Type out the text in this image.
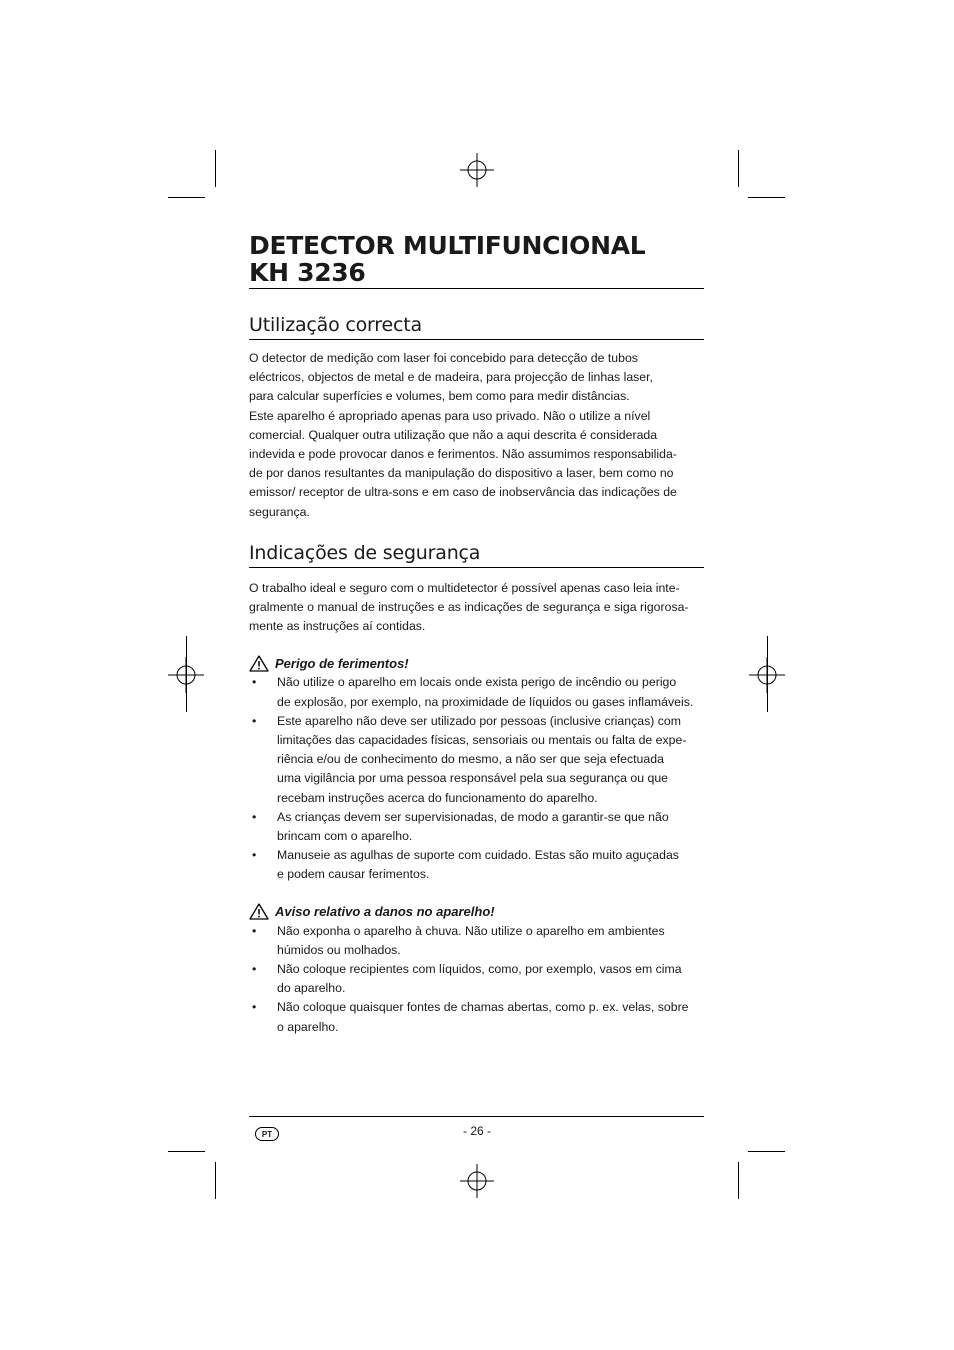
DETECTOR MULTIFUNCIONAL
KH 3236
Utilização correcta

O detector de medição com laser foi concebido para detecção de tubos
eléctricos, objectos de metal e de madeira, para projecção de linhas laser,
para calcular superfícies e volumes, bem como para medir distâncias.
Este aparelho é apropriado apenas para uso privado. Não o utilize a nível
comercial. Qualquer outra utilização que não a aqui descrita é considerada
indevida e pode provocar danos e ferimentos. Não assumimos responsabilida-
de por danos resultantes da manipulação do dispositivo a laser, bem como no
emissor/ receptor de ultra-sons e em caso de inobservância das indicações de
segurança.

Indicações de segurança

O trabalho ideal e seguro com o multidetector é possível apenas caso leia inte-
gralmente o manual de instruções e as indicações de segurança e siga rigorosa-
mente as instruções aí contidas.

Perigo de ferimentos!
• Não utilize o aparelho em locais onde exista perigo de incêndio ou perigo
de explosão, por exemplo, na proximidade de líquidos ou gases inflamáveis.
• Este aparelho não deve ser utilizado por pessoas (inclusive crianças) com
limitações das capacidades físicas, sensoriais ou mentais ou falta de expe-
riência e/ou de conhecimento do mesmo, a não ser que seja efectuada
uma vigilância por uma pessoa responsável pela sua segurança ou que
recebam instruções acerca do funcionamento do aparelho.
• As crianças devem ser supervisionadas, de modo a garantir-se que não
brincam com o aparelho.
• Manuseie as agulhas de suporte com cuidado. Estas são muito aguçadas
e podem causar ferimentos.
Aviso relativo a danos no aparelho!
• Não exponha o aparelho à chuva. Não utilize o aparelho em ambientes
húmidos ou molhados.
• Não coloque recipientes com líquidos, como, por exemplo, vasos em cima
do aparelho.
• Não coloque quaisquer fontes de chamas abertas, como p. ex. velas, sobre
o aparelho.
PT	- 26 -
